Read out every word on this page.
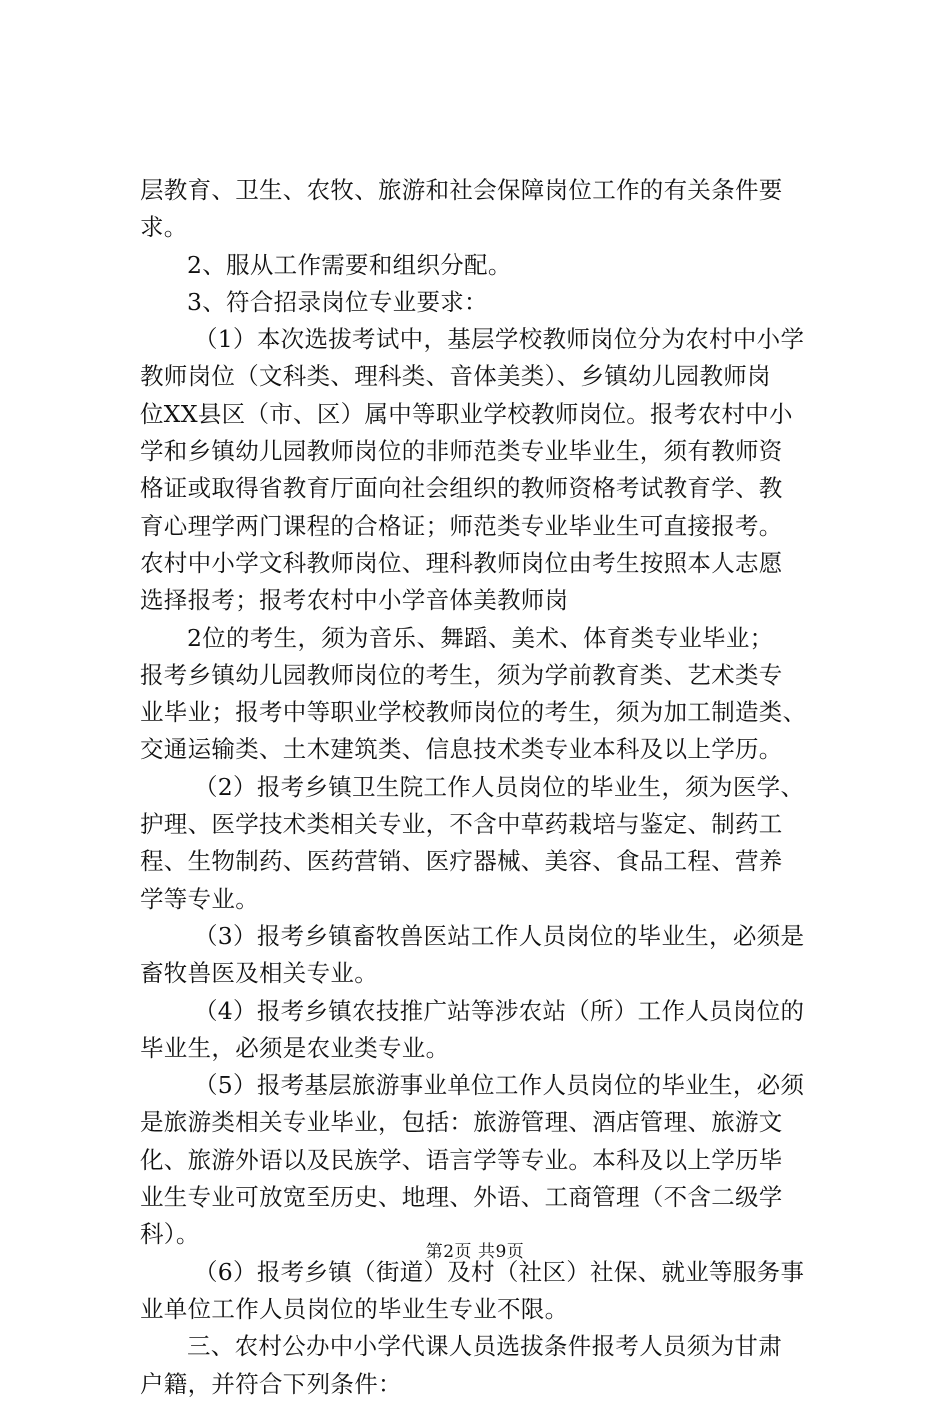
层教育、卫生、农牧、旅游和社会保障岗位工作的有关条件要
求。
2、服从工作需要和组织分配。
3、符合招录岗位专业要求：
（1）本次选拔考试中，基层学校教师岗位分为农村中小学
教师岗位（文科类、理科类、音体美类）、乡镇幼儿园教师岗
位XX县区（市、区）属中等职业学校教师岗位。报考农村中小
学和乡镇幼儿园教师岗位的非师范类专业毕业生，须有教师资
格证或取得省教育厅面向社会组织的教师资格考试教育学、教
育心理学两门课程的合格证；师范类专业毕业生可直接报考。
农村中小学文科教师岗位、理科教师岗位由考生按照本人志愿
选择报考；报考农村中小学音体美教师岗
2位的考生，须为音乐、舞蹈、美术、体育类专业毕业；
报考乡镇幼儿园教师岗位的考生，须为学前教育类、艺术类专
业毕业；报考中等职业学校教师岗位的考生，须为加工制造类、
交通运输类、土木建筑类、信息技术类专业本科及以上学历。
（2）报考乡镇卫生院工作人员岗位的毕业生，须为医学、
护理、医学技术类相关专业，不含中草药栽培与鉴定、制药工
程、生物制药、医药营销、医疗器械、美容、食品工程、营养
学等专业。
（3）报考乡镇畜牧兽医站工作人员岗位的毕业生，必须是
畜牧兽医及相关专业。
（4）报考乡镇农技推广站等涉农站（所）工作人员岗位的
毕业生，必须是农业类专业。
（5）报考基层旅游事业单位工作人员岗位的毕业生，必须
是旅游类相关专业毕业，包括：旅游管理、酒店管理、旅游文
化、旅游外语以及民族学、语言学等专业。本科及以上学历毕
业生专业可放宽至历史、地理、外语、工商管理（不含二级学
科）。
（6）报考乡镇（街道）及村（社区）社保、就业等服务事
业单位工作人员岗位的毕业生专业不限。
三、农村公办中小学代课人员选拔条件报考人员须为甘肃
户籍，并符合下列条件：
第2页 共9页
